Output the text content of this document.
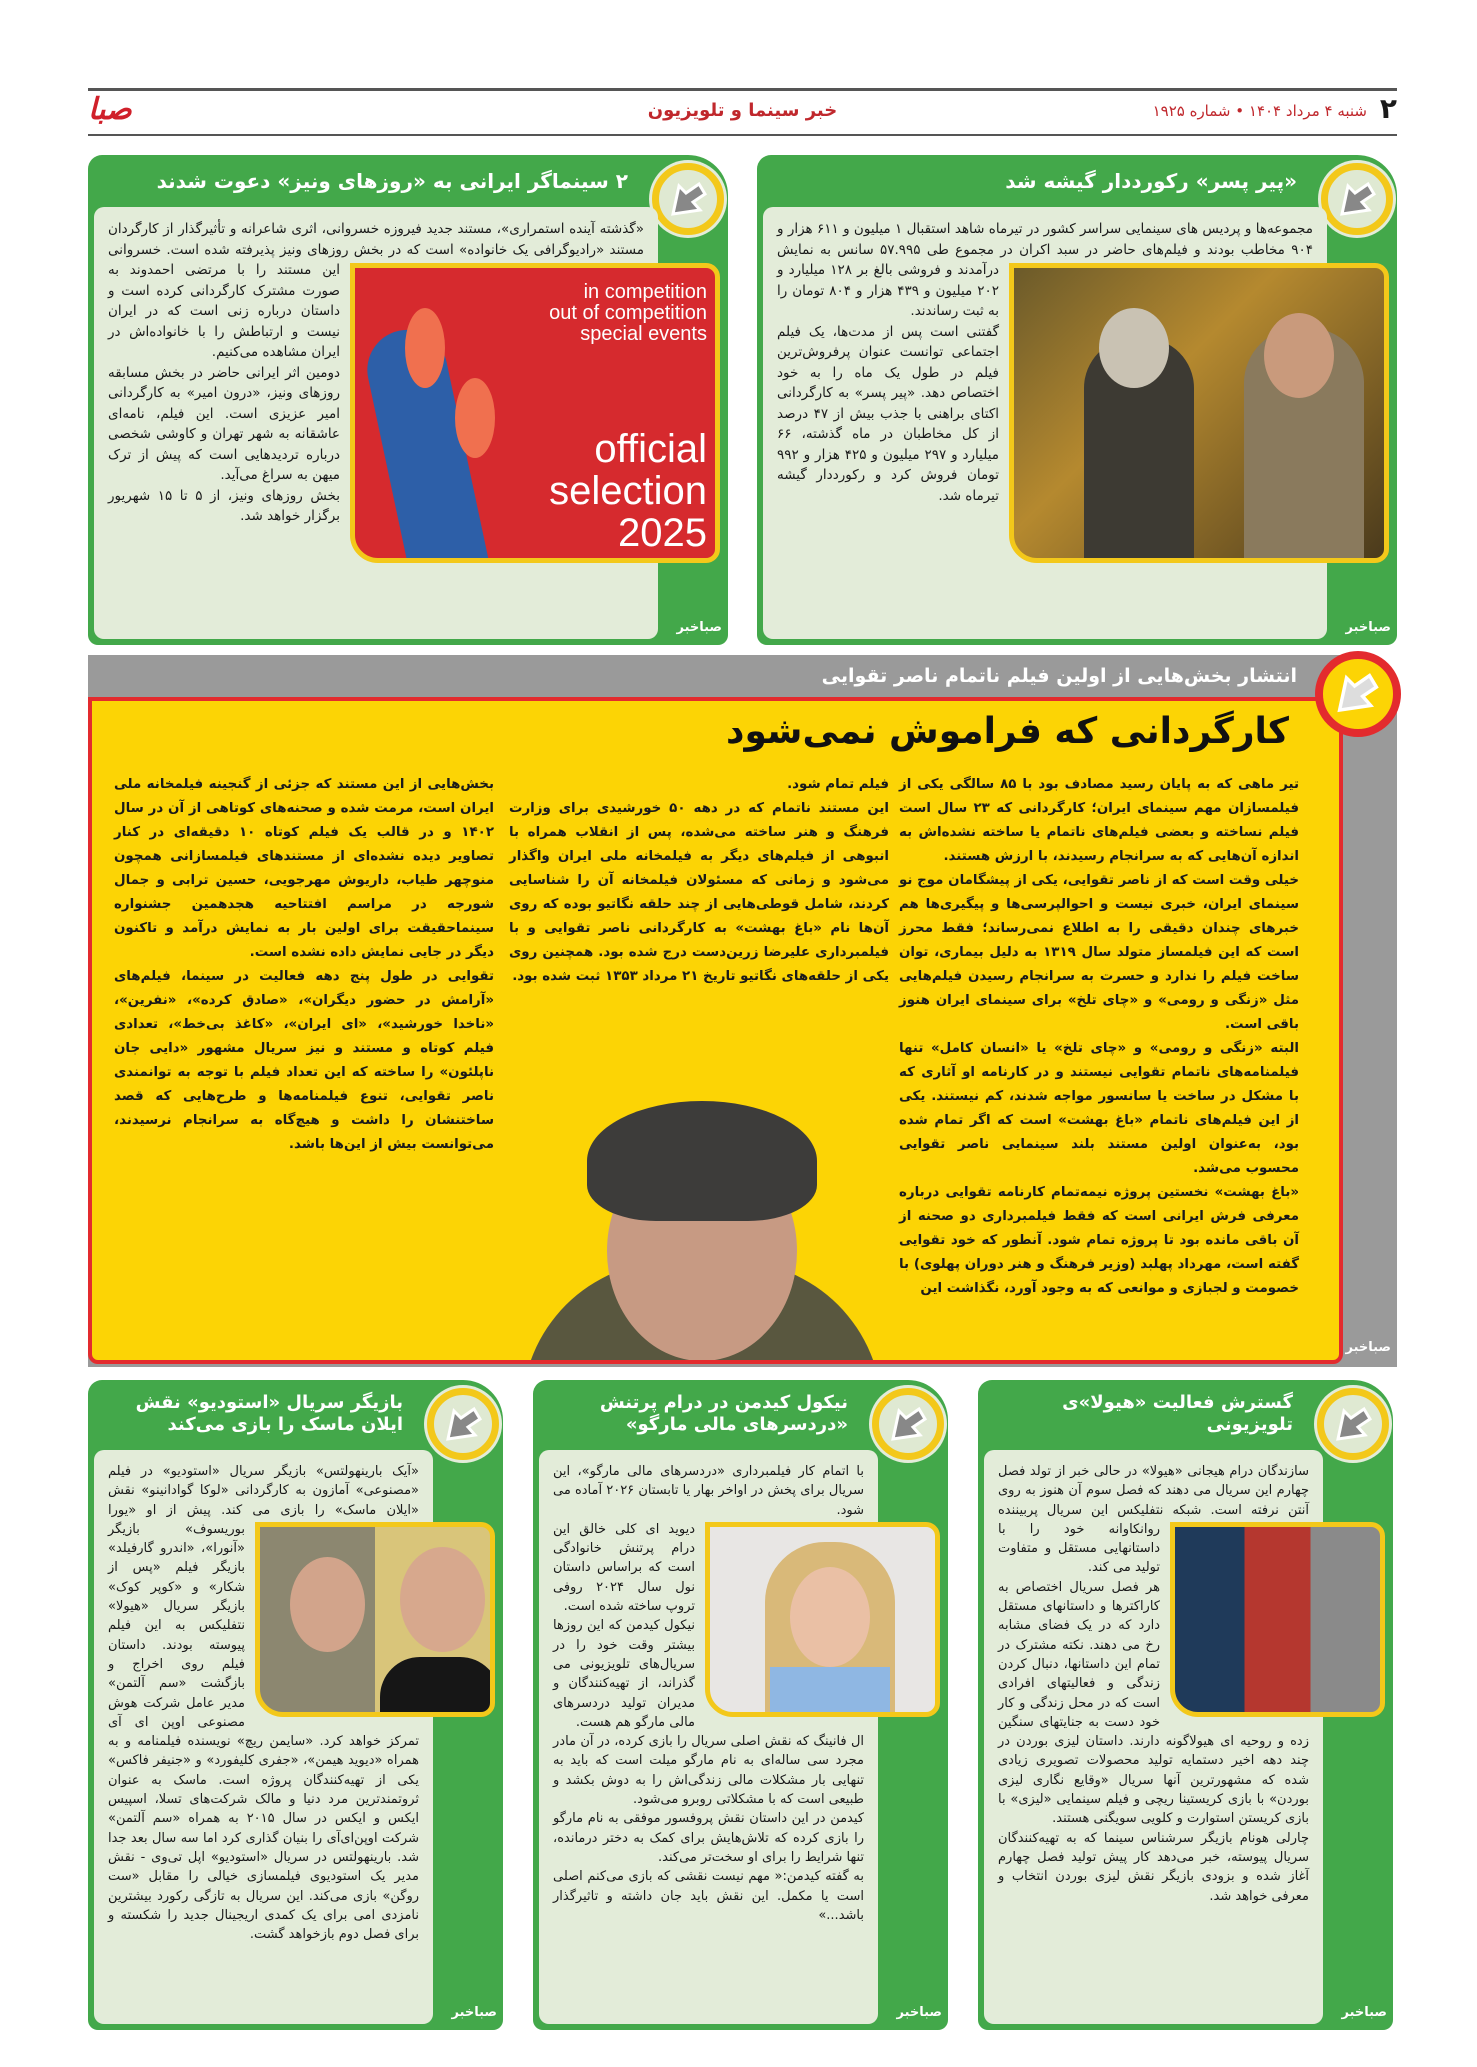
۲
شنبه ۴ مرداد ۱۴۰۴ • شماره ۱۹۲۵
خبر سینما و تلویزیون
صبا
«پیر پسر» رکورددار گیشه شد

مجموعه‌ها و پردیس های سینمایی سراسر کشور در تیرماه شاهد استقبال ۱ میلیون و ۶۱۱ هزار و ۹۰۴ مخاطب بودند و فیلم‌های حاضر در سبد اکران در مجموع طی ۵۷.۹۹۵ سانس به نمایش درآمدند و فروشی بالغ بر ۱۲۸ میلیارد و ۲۰۲ میلیون و ۴۳۹ هزار و ۸۰۴ تومان را به ثبت رساندند.

گفتنی است پس از مدت‌ها، یک فیلم اجتماعی توانست عنوان پرفروش‌ترین فیلم در طول یک ماه را به خود اختصاص دهد. «پیر پسر» به کارگردانی اکتای براهنی با جذب بیش از ۴۷ درصد از کل مخاطبان در ماه گذشته، ۶۶ میلیارد و ۲۹۷ میلیون و ۴۲۵ هزار و ۹۹۲ تومان فروش کرد و رکورددار گیشه تیرماه شد.

صباخبر
۲ سینماگر ایرانی به «روزهای ونیز» دعوت شدند
in competition
out of competition
special events
official
selection
2025

«گذشته آینده استمراری»، مستند جدید فیروزه خسروانی، اثری شاعرانه و تأثیرگذار از کارگردان مستند «رادیوگرافی یک خانواده» است که در بخش روزهای ونیز پذیرفته شده است. خسروانی این مستند را با مرتضی احمدوند به صورت مشترک کارگردانی کرده است و داستان درباره زنی است که در ایران نیست و ارتباطش را با خانواده‌اش در ایران مشاهده می‌کنیم.

دومین اثر ایرانی حاضر در بخش مسابقه روزهای ونیز، «درون امیر» به کارگردانی امیر عزیزی است. این فیلم، نامه‌ای عاشقانه به شهر تهران و کاوشی شخصی درباره تردیدهایی است که پیش از ترک میهن به سراغ می‌آید.

بخش روزهای ونیز، از ۵ تا ۱۵ شهریور برگزار خواهد شد.

صباخبر
انتشار بخش‌هایی از اولین فیلم ناتمام ناصر تقوایی
کارگردانی که فراموش نمی‌شود

تیر ماهی که به پایان رسید مصادف بود با ۸۵ سالگی یکی از فیلمسازان مهم سینمای ایران؛ کارگردانی که ۲۳ سال است فیلم نساخته و بعضی فیلم‌های ناتمام یا ساخته نشده‌اش به اندازه آن‌هایی که به سرانجام رسیدند، با ارزش هستند.

خیلی وقت است که از ناصر تقوایی، یکی از پیشگامان موج نو سینمای ایران، خبری نیست و احوالپرسی‌ها و پیگیری‌ها هم خبرهای چندان دقیقی را به اطلاع نمی‌رساند؛ فقط محرز است که این فیلمساز متولد سال ۱۳۱۹ به دلیل بیماری، توان ساخت فیلم را ندارد و حسرت به سرانجام رسیدن فیلم‌هایی مثل «زنگی و رومی» و «چای تلخ» برای سینمای ایران هنوز باقی است.

البته «زنگی و رومی» و «چای تلخ» یا «انسان کامل» تنها فیلمنامه‌های ناتمام تقوایی نیستند و در کارنامه او آثاری که با مشکل در ساخت یا سانسور مواجه شدند، کم نیستند. یکی از این فیلم‌های ناتمام «باغ بهشت» است که اگر تمام شده بود، به‌عنوان اولین مستند بلند سینمایی ناصر تقوایی محسوب می‌شد.

«باغ بهشت» نخستین پروژه نیمه‌تمام کارنامه تقوایی درباره معرفی فرش ایرانی است که فقط فیلمبرداری دو صحنه از آن باقی مانده بود تا پروژه تمام شود. آنطور که خود تقوایی گفته است، مهرداد پهلبد (وزیر فرهنگ و هنر دوران پهلوی) با خصومت و لجبازی و موانعی که به وجود آورد، نگذاشت این

فیلم تمام شود.

این مستند ناتمام که در دهه ۵۰ خورشیدی برای وزارت فرهنگ و هنر ساخته می‌شده، پس از انقلاب همراه با انبوهی از فیلم‌های دیگر به فیلمخانه ملی ایران واگذار می‌شود و زمانی که مسئولان فیلمخانه آن را شناسایی کردند، شامل قوطی‌هایی از چند حلقه نگاتیو بوده که روی آن‌ها نام «باغ بهشت» به کارگردانی ناصر تقوایی و با فیلمبرداری علیرضا زرین‌دست درج شده بود. همچنین روی یکی از حلقه‌های نگاتیو تاریخ ۲۱ مرداد ۱۳۵۳ ثبت شده بود.

بخش‌هایی از این مستند که جزئی از گنجینه فیلمخانه ملی ایران است، مرمت شده و صحنه‌های کوتاهی از آن در سال ۱۴۰۲ و در قالب یک فیلم کوتاه ۱۰ دقیقه‌ای در کنار تصاویر دیده نشده‌ای از مستندهای فیلمسازانی همچون منوچهر طیاب، داریوش مهرجویی، حسین ترابی و جمال شورجه در مراسم افتتاحیه هجدهمین جشنواره سینماحقیقت برای اولین بار به نمایش درآمد و تاکنون دیگر در جایی نمایش داده نشده است.

تقوایی در طول پنج دهه فعالیت در سینما، فیلم‌های «آرامش در حضور دیگران»، «صادق کرده»، «نفرین»، «ناخدا خورشید»، «ای ایران»، «کاغذ بی‌خط»، تعدادی فیلم کوتاه و مستند و نیز سریال مشهور «دایی جان ناپلئون» را ساخته که این تعداد فیلم با توجه به توانمندی ناصر تقوایی، تنوع فیلمنامه‌ها و طرح‌هایی که قصد ساختنشان را داشت و هیچ‌گاه به سرانجام نرسیدند، می‌توانست بیش از این‌ها باشد.

صباخبر
گسترش فعالیت «هیولا»ی تلویزیونی

سازندگان درام هیجانی «هیولا» در حالی خبر از تولد فصل چهارم این سریال می دهند که فصل سوم آن هنوز به روی آنتن نرفته است. شبکه نتفلیکس این سریال پربیننده روانکاوانه خود را با داستانهایی مستقل و متفاوت تولید می کند.

هر فصل سریال اختصاص به کاراکترها و داستانهای مستقل دارد که در یک فضای مشابه رخ می دهند. نکته مشترک در تمام این داستانها، دنبال کردن زندگی و فعالیتهای افرادی است که در محل زندگی و کار خود دست به جنایتهای سنگین زده و روحیه ای هیولاگونه دارند. داستان لیزی بوردن در چند دهه اخیر دستمایه تولید محصولات تصویری زیادی شده که مشهورترین آنها سریال «وقایع نگاری لیزی بوردن» با بازی کریستینا ریچی و فیلم سینمایی «لیزی» با بازی کریستن استوارت و کلویی سویگنی هستند.

چارلی هونام بازیگر سرشناس سینما که به تهیه‌کنندگان سریال پیوسته، خبر می‌دهد کار پیش تولید فصل چهارم آغاز شده و بزودی بازیگر نقش لیزی بوردن انتخاب و معرفی خواهد شد.

صباخبر
نیکول کیدمن در درام پرتنش «دردسرهای مالی مارگو»

با اتمام کار فیلمبرداری «دردسرهای مالی مارگو»، این سریال برای پخش در اواخر بهار یا تابستان ۲۰۲۶ آماده می شود.

دیوید ای کلی خالق این درام پرتنش خانوادگی است که براساس داستان نول سال ۲۰۲۴ روفی تروپ ساخته شده است.

نیکول کیدمن که این روزها بیشتر وقت خود را در سریال‌های تلویزیونی می گذراند، از تهیه‌کنندگان و مدیران تولید دردسرهای مالی مارگو هم هست.

ال فانینگ که نقش اصلی سریال را بازی کرده، در آن مادر مجرد سی ساله‌ای به نام مارگو میلت است که باید به تنهایی بار مشکلات مالی زندگی‌اش را به دوش بکشد و طبیعی است که با مشکلاتی روبرو می‌شود.

کیدمن در این داستان نقش پروفسور موفقی به نام مارگو را بازی کرده که تلاش‌هایش برای کمک به دختر درمانده، تنها شرایط را برای او سخت‌تر می‌کند.

به گفته کیدمن:« مهم نیست نقشی که بازی می‌کنم اصلی است یا مکمل. این نقش باید جان داشته و تاثیرگذار باشد...»

صباخبر
بازیگر سریال «استودیو» نقش ایلان ماسک را بازی می‌کند

«آیک بارینهولتس» بازیگر سریال «استودیو» در فیلم «مصنوعی» آمازون به کارگردانی «لوکا گوادانینو» نقش «ایلان ماسک» را بازی می کند. پیش از او «یورا بوریسوف» بازیگر «آنورا»، «اندرو گارفیلد» بازیگر فیلم «پس از شکار» و «کوپر کوک» بازیگر سریال «هیولا» نتفلیکس به این فیلم پیوسته بودند. داستان فیلم روی اخراج و بازگشت «سم آلتمن» مدیر عامل شرکت هوش مصنوعی اوپن ای آی تمرکز خواهد کرد. «سایمن ریچ» نویسنده فیلمنامه و به همراه «دیوید هیمن»، «جفری کلیفورد» و «جنیفر فاکس» یکی از تهیه‌کنندگان پروژه است. ماسک به عنوان ثروتمندترین مرد دنیا و مالک شرکت‌های تسلا، اسپیس ایکس و ایکس در سال ۲۰۱۵ به همراه «سم آلتمن» شرکت اوپن‌ای‌آی را بنیان گذاری کرد اما سه سال بعد جدا شد. بارینهولتس در سریال «استودیو» اپل تی‌وی - نقش مدیر یک استودیوی فیلمسازی خیالی را مقابل «ست روگن» بازی می‌کند. این سریال به تازگی رکورد بیشترین نامزدی امی برای یک کمدی اریجینال جدید را شکسته و برای فصل دوم بازخواهد گشت.

صباخبر
